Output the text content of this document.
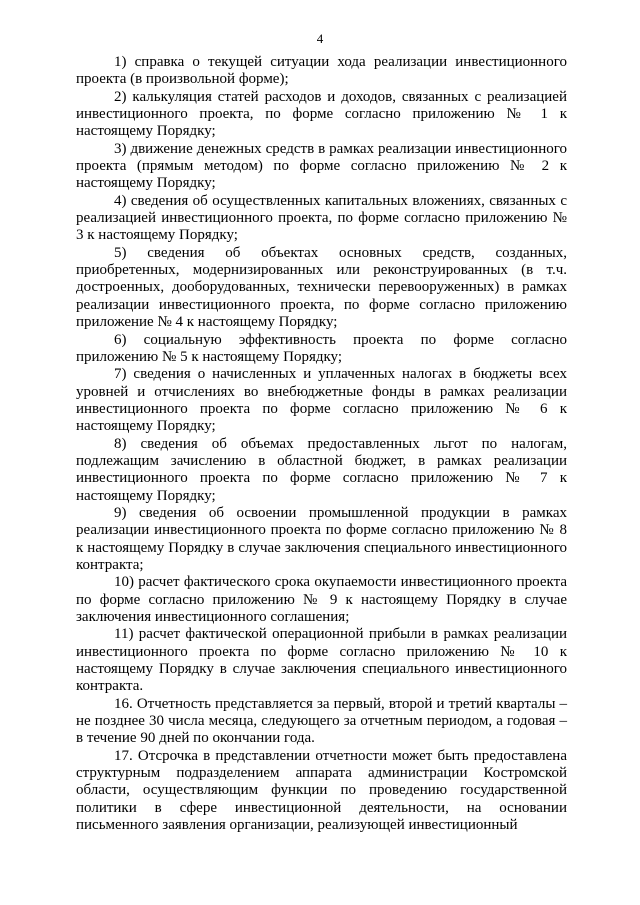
4

1) справка о текущей ситуации хода реализации инвестиционного проекта (в произвольной форме);

2) калькуляция статей расходов и доходов, связанных с реализацией инвестиционного проекта, по форме согласно приложению № 1 к настоящему Порядку;

3) движение денежных средств в рамках реализации инвестиционного проекта (прямым методом) по форме согласно приложению № 2 к настоящему Порядку;

4) сведения об осуществленных капитальных вложениях, связанных с реализацией инвестиционного проекта, по форме согласно приложению № 3 к настоящему Порядку;

5) сведения об объектах основных средств, созданных, приобретенных, модернизированных или реконструированных (в т.ч. достроенных, дооборудованных, технически перевооруженных) в рамках реализации инвестиционного проекта, по форме согласно приложению приложение № 4 к настоящему Порядку;

6) социальную эффективность проекта по форме согласно приложению № 5 к настоящему Порядку;

7) сведения о начисленных и уплаченных налогах в бюджеты всех уровней и отчислениях во внебюджетные фонды в рамках реализации инвестиционного проекта по форме согласно приложению № 6 к настоящему Порядку;

8) сведения об объемах предоставленных льгот по налогам, подлежащим зачислению в областной бюджет, в рамках реализации инвестиционного проекта по форме согласно приложению № 7 к настоящему Порядку;

9) сведения об освоении промышленной продукции в рамках реализации инвестиционного проекта по форме согласно приложению № 8 к настоящему Порядку в случае заключения специального инвестиционного контракта;

10) расчет фактического срока окупаемости инвестиционного проекта по форме согласно приложению № 9 к настоящему Порядку в случае заключения инвестиционного соглашения;

11) расчет фактической операционной прибыли в рамках реализации инвестиционного проекта по форме согласно приложению № 10 к настоящему Порядку в случае заключения специального инвестиционного контракта.

16. Отчетность представляется за первый, второй и третий кварталы – не позднее 30 числа месяца, следующего за отчетным периодом, а годовая – в течение 90 дней по окончании года.

17. Отсрочка в представлении отчетности может быть предоставлена структурным подразделением аппарата администрации Костромской области, осуществляющим функции по проведению государственной политики в сфере инвестиционной деятельности, на основании письменного заявления организации, реализующей инвестиционный
